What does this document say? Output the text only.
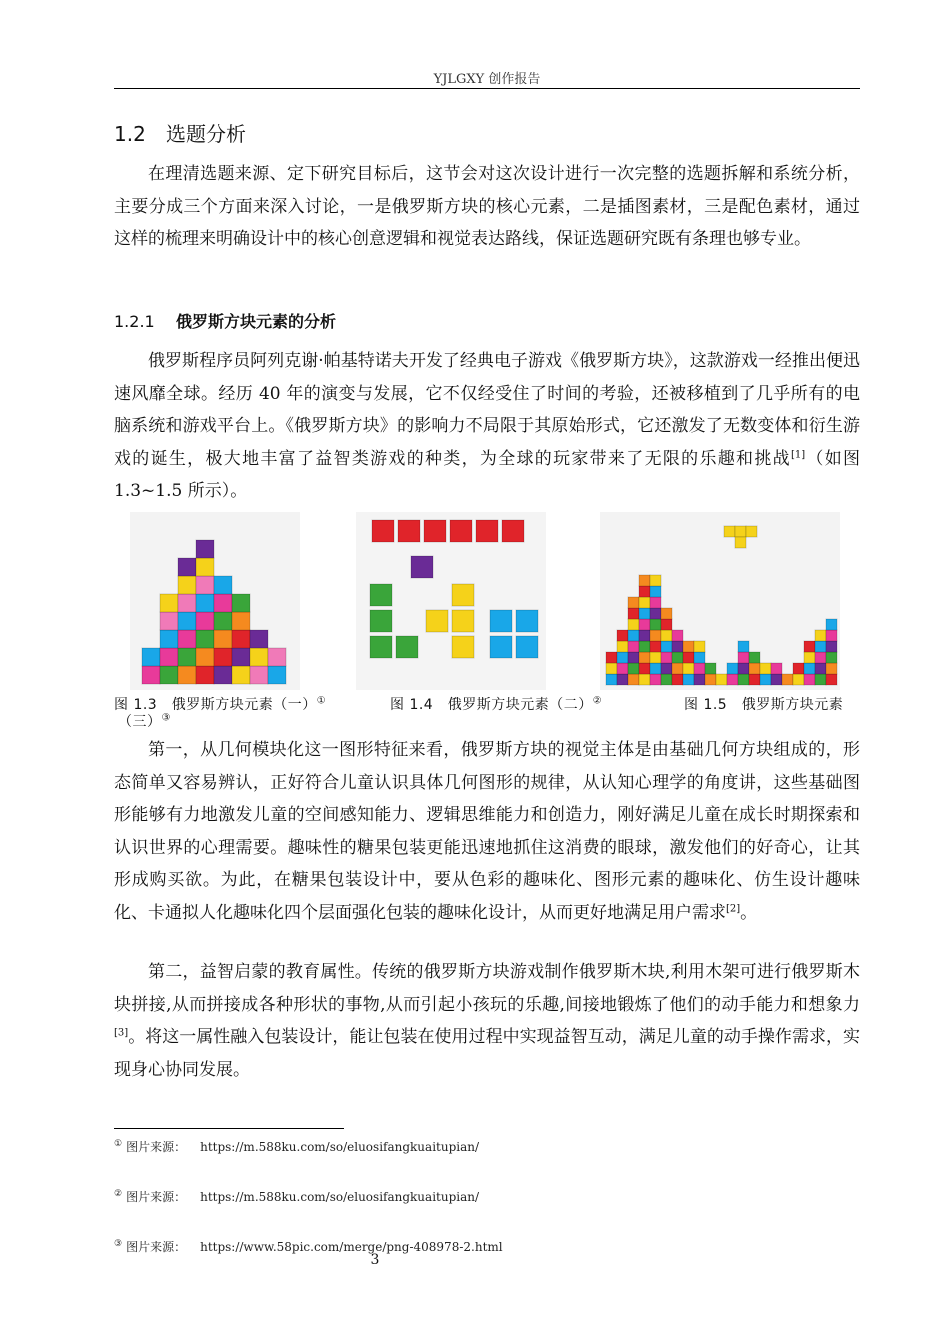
YJLGXY 创作报告
1.2 选题分析

在理清选题来源、定下研究目标后，这节会对这次设计进行一次完整的选题拆解和系统分析，主要分成三个方面来深入讨论，一是俄罗斯方块的核心元素，二是插图素材，三是配色素材，通过这样的梳理来明确设计中的核心创意逻辑和视觉表达路线，保证选题研究既有条理也够专业。

1.2.1 俄罗斯方块元素的分析

俄罗斯程序员阿列克谢·帕基特诺夫开发了经典电子游戏《俄罗斯方块》，这款游戏一经推出便迅速风靡全球。经历 40 年的演变与发展，它不仅经受住了时间的考验，还被移植到了几乎所有的电脑系统和游戏平台上。《俄罗斯方块》的影响力不局限于其原始形式，它还激发了无数变体和衍生游戏的诞生，极大地丰富了益智类游戏的种类，为全球的玩家带来了无限的乐趣和挑战[1]（如图 1.3~1.5 所示）。

图 1.3　俄罗斯方块元素（一）①	图 1.4　俄罗斯方块元素（二）②	图 1.5　俄罗斯方块元素
（三）③

第一，从几何模块化这一图形特征来看，俄罗斯方块的视觉主体是由基础几何方块组成的，形态简单又容易辨认，正好符合儿童认识具体几何图形的规律，从认知心理学的角度讲，这些基础图形能够有力地激发儿童的空间感知能力、逻辑思维能力和创造力，刚好满足儿童在成长时期探索和认识世界的心理需要。趣味性的糖果包装更能迅速地抓住这消费的眼球，激发他们的好奇心，让其形成购买欲。为此，在糖果包装设计中，要从色彩的趣味化、图形元素的趣味化、仿生设计趣味化、卡通拟人化趣味化四个层面强化包装的趣味化设计，从而更好地满足用户需求[2]。

第二，益智启蒙的教育属性。传统的俄罗斯方块游戏制作俄罗斯木块,利用木架可进行俄罗斯木块拼接,从而拼接成各种形状的事物,从而引起小孩玩的乐趣,间接地锻炼了他们的动手能力和想象力[3]。将这一属性融入包装设计，能让包装在使用过程中实现益智互动，满足儿童的动手操作需求，实现身心协同发展。

① 图片来源： https://m.588ku.com/so/eluosifangkuaitupian/
② 图片来源： https://m.588ku.com/so/eluosifangkuaitupian/
③ 图片来源： https://www.58pic.com/merge/png-408978-2.html
3
